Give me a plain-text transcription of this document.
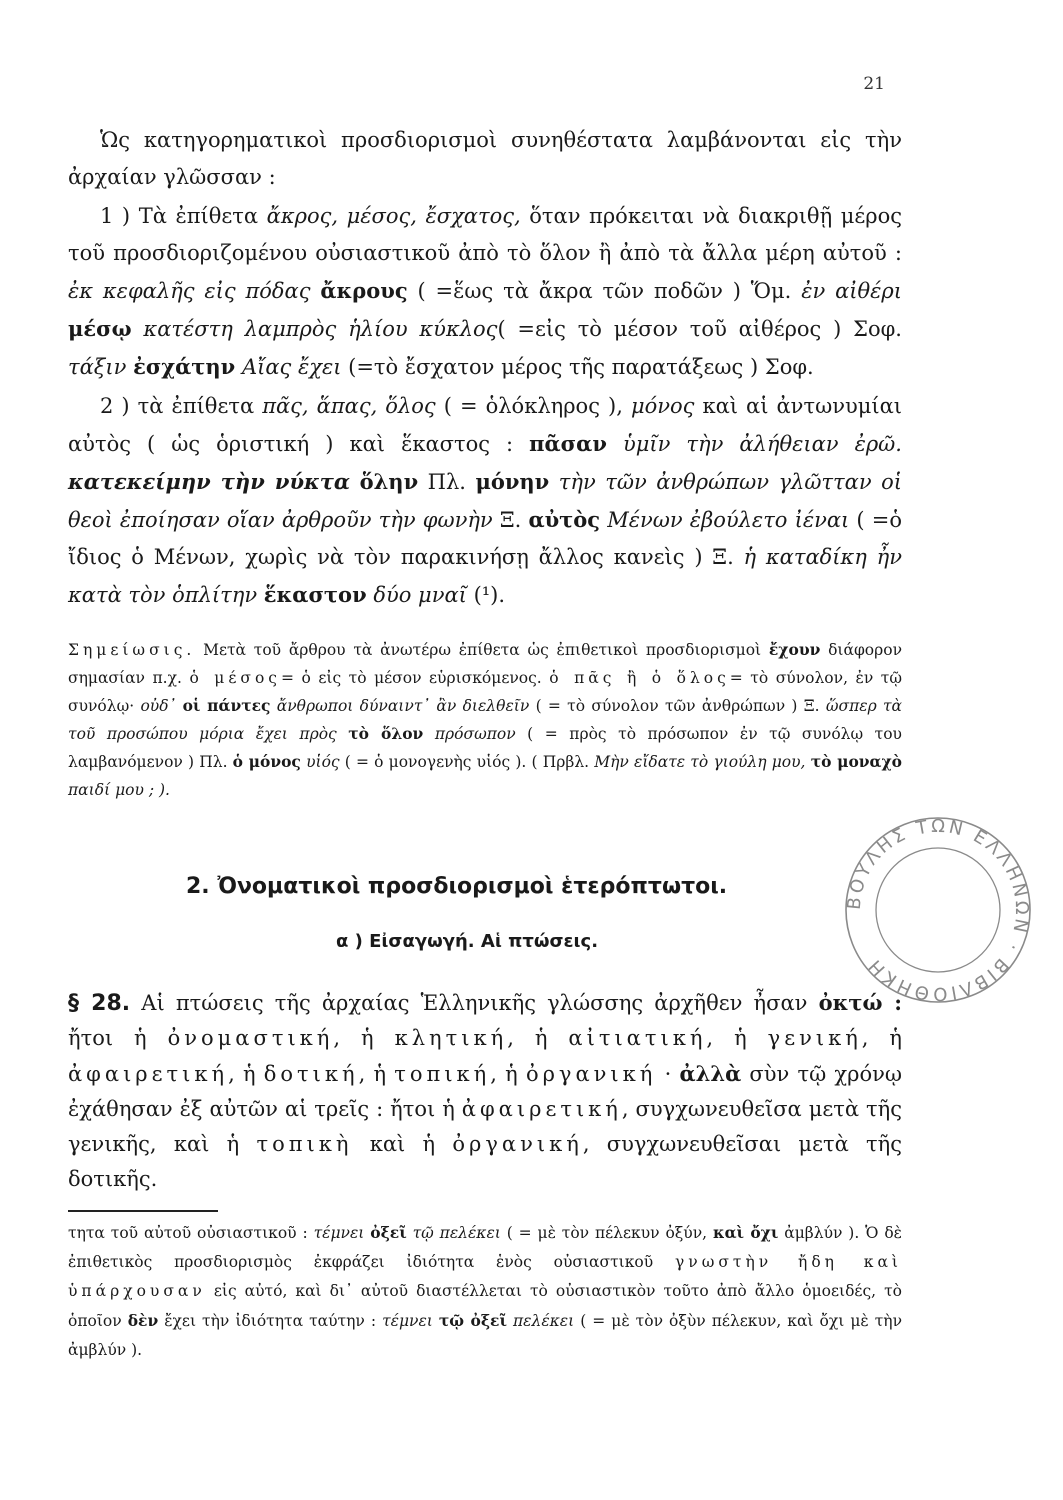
21

Ὡς κατηγορηματικοὶ προσδιορισμοὶ συνηθέστατα λαμβάνονται εἰς τὴν ἀρχαίαν γλῶσσαν :

1 ) Τὰ ἐπίθετα ἄκρος, μέσος, ἔσχατος, ὅταν πρόκειται νὰ διακριθῇ μέρος τοῦ προσδιοριζομένου οὐσιαστικοῦ ἀπὸ τὸ ὅλον ἢ ἀπὸ τὰ ἄλλα μέρη αὐτοῦ : ἐκ κεφαλῆς εἰς πόδας ἄκρους ( =ἕως τὰ ἄκρα τῶν ποδῶν ) Ὅμ. ἐν αἰθέρι μέσῳ κατέστη λαμπρὸς ἡλίου κύκλος( =εἰς τὸ μέσον τοῦ αἰθέρος ) Σοφ. τάξιν ἐσχάτην Αἴας ἔχει (=τὸ ἔσχατον μέρος τῆς παρατάξεως ) Σοφ.

2 ) τὰ ἐπίθετα πᾶς, ἅπας, ὅλος ( = ὁλόκληρος ), μόνος καὶ αἱ ἀντωνυμίαι αὐτὸς ( ὡς ὁριστική ) καὶ ἕκαστος : πᾶσαν ὑμῖν τὴν ἀλήθειαν ἐρῶ. κατεκείμην τὴν νύκτα ὅλην Πλ. μόνην τὴν τῶν ἀνθρώπων γλῶτταν οἱ θεοὶ ἐποίησαν οἵαν ἀρθροῦν τὴν φωνὴν Ξ. αὐτὸς Μένων ἐβούλετο ἰέναι ( =ὁ ἴδιος ὁ Μένων, χωρὶς νὰ τὸν παρακινήσῃ ἄλλος κανεὶς ) Ξ. ἡ καταδίκη ἦν κατὰ τὸν ὁπλίτην ἕκαστον δύο μναῖ (¹).

Σημείωσις. Μετὰ τοῦ ἄρθρου τὰ ἀνωτέρω ἐπίθετα ὡς ἐπιθετικοὶ προσδιορισμοὶ ἔχουν διάφορον σημασίαν π.χ. ὁ μέσος= ὁ εἰς τὸ μέσον εὑρισκόμενος. ὁ πᾶς ἢ ὁ ὅλος= τὸ σύνολον, ἐν τῷ συνόλῳ· οὐδ᾽ οἱ πάντες ἄνθρωποι δύναιντ᾽ ἂν διελθεῖν ( = τὸ σύνολον τῶν ἀνθρώπων ) Ξ. ὥσπερ τὰ τοῦ προσώπου μόρια ἔχει πρὸς τὸ ὅλον πρόσωπον ( = πρὸς τὸ πρόσωπον ἐν τῷ συνόλῳ του λαμβανόμενον ) Πλ. ὁ μόνος υἱός ( = ὁ μονογενὴς υἱός ). ( Πρβλ. Μὴν εἴδατε τὸ γιούλη μου, τὸ μοναχὸ παιδί μου ; ).
2. Ὀνοματικοὶ προσδιορισμοὶ ἑτερόπτωτοι.
α ) Εἰσαγωγή. Αἱ πτώσεις.

§ 28. Αἱ πτώσεις τῆς ἀρχαίας Ἑλληνικῆς γλώσσης ἀρχῆθεν ἦσαν ὀκτώ : ἤτοι ἡ ὀνομαστική, ἡ κλητική, ἡ αἰτιατική, ἡ γενική, ἡ ἀφαιρετική, ἡ δοτική, ἡ τοπική, ἡ ὀργανική · ἀλλὰ σὺν τῷ χρόνῳ ἐχάθησαν ἐξ αὐτῶν αἱ τρεῖς : ἤτοι ἡ ἀφαιρετική, συγχωνευθεῖσα μετὰ τῆς γενικῆς, καὶ ἡ τοπικὴ καὶ ἡ ὀργανική, συγχωνευθεῖσαι μετὰ τῆς δοτικῆς.

τητα τοῦ αὐτοῦ οὐσιαστικοῦ : τέμνει ὀξεῖ τῷ πελέκει ( = μὲ τὸν πέλεκυν ὀξύν, καὶ ὄχι ἀμβλύν ). Ὁ δὲ ἐπιθετικὸς προσδιορισμὸς ἐκφράζει ἰδιότητα ἑνὸς οὐσιαστικοῦ γνωστὴν ἤδη καὶ ὑπάρχουσαν εἰς αὐτό, καὶ δι᾽ αὐτοῦ διαστέλλεται τὸ οὐσιαστικὸν τοῦτο ἀπὸ ἄλλο ὁμοειδές, τὸ ὁποῖον δὲν ἔχει τὴν ἰδιότητα ταύτην : τέμνει τῷ ὀξεῖ πελέκει ( = μὲ τὸν ὀξὺν πέλεκυν, καὶ ὄχι μὲ τὴν ἀμβλύν ).

ΒΟΥΛΗΣ ΤΩΝ ΕΛΛΗΝΩΝ · ΒΙΒΛΙΟΘΗΚΗ
